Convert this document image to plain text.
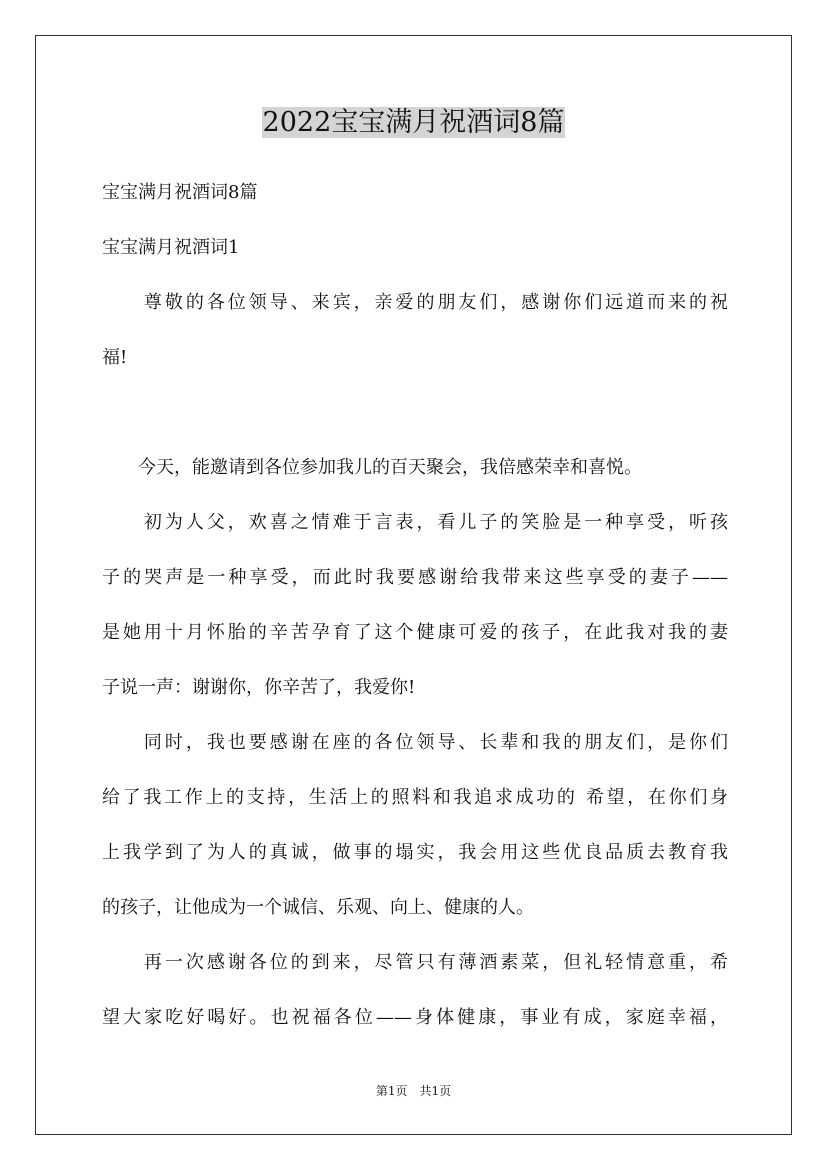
2022宝宝满月祝酒词8篇
宝宝满月祝酒词8篇
宝宝满月祝酒词1
　　尊敬的各位领导、来宾，亲爱的朋友们，感谢你们远道而来的祝
福!
　　今天，能邀请到各位参加我儿的百天聚会，我倍感荣幸和喜悦。
　　初为人父，欢喜之情难于言表，看儿子的笑脸是一种享受，听孩
子的哭声是一种享受，而此时我要感谢给我带来这些享受的妻子——
是她用十月怀胎的辛苦孕育了这个健康可爱的孩子，在此我对我的妻
子说一声：谢谢你，你辛苦了，我爱你!
　　同时，我也要感谢在座的各位领导、长辈和我的朋友们，是你们
给了我工作上的支持，生活上的照料和我追求成功的 希望，在你们身
上我学到了为人的真诚，做事的塌实，我会用这些优良品质去教育我
的孩子，让他成为一个诚信、乐观、向上、健康的人。
　　再一次感谢各位的到来，尽管只有薄酒素菜，但礼轻情意重，希
望大家吃好喝好。也祝福各位——身体健康，事业有成，家庭幸福，
第1页　共1页
